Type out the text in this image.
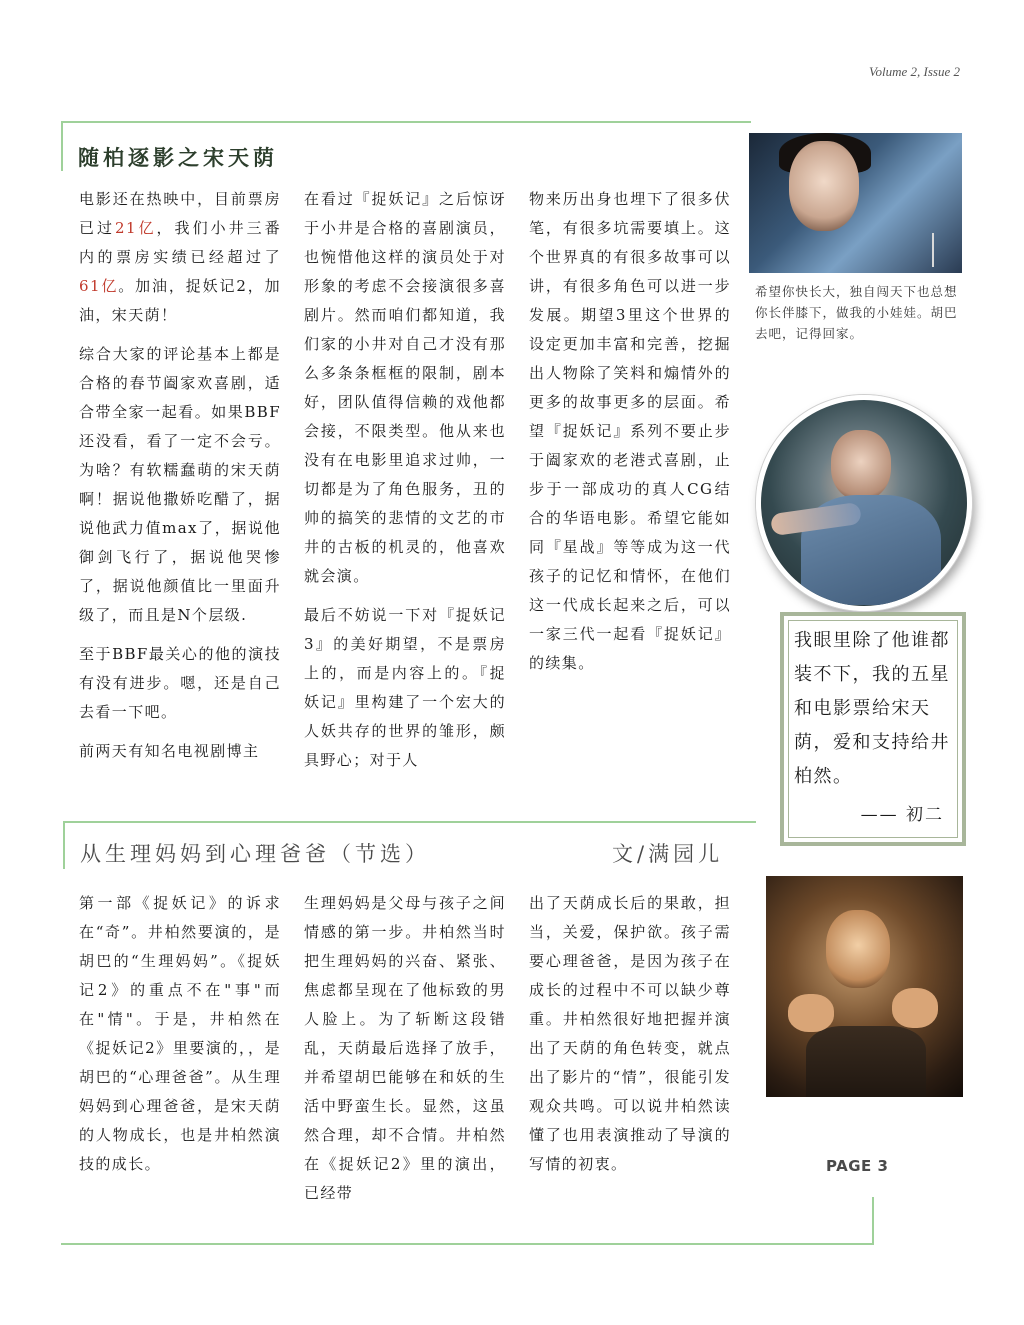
Volume 2, Issue 2
随柏逐影之宋天荫

电影还在热映中，目前票房已过21亿，我们小井三番内的票房实绩已经超过了61亿。加油，捉妖记2，加油，宋天荫！

综合大家的评论基本上都是合格的春节阖家欢喜剧，适合带全家一起看。如果BBF还没看，看了一定不会亏。为啥？有软糯蠢萌的宋天荫啊！据说他撒娇吃醋了，据说他武力值max了，据说他御剑飞行了，据说他哭惨了，据说他颜值比一里面升级了，而且是N个层级.

至于BBF最关心的他的演技有没有进步。嗯，还是自己去看一下吧。

前两天有知名电视剧博主

在看过『捉妖记』之后惊讶于小井是合格的喜剧演员，也惋惜他这样的演员处于对形象的考虑不会接演很多喜剧片。然而咱们都知道，我们家的小井对自己才没有那么多条条框框的限制，剧本好，团队值得信赖的戏他都会接，不限类型。他从来也没有在电影里追求过帅，一切都是为了角色服务，丑的帅的搞笑的悲情的文艺的市井的古板的机灵的，他喜欢就会演。

最后不妨说一下对『捉妖记3』的美好期望，不是票房上的，而是内容上的。『捉妖记』里构建了一个宏大的人妖共存的世界的雏形，颇具野心；对于人

物来历出身也埋下了很多伏笔，有很多坑需要填上。这个世界真的有很多故事可以讲，有很多角色可以进一步发展。期望3里这个世界的设定更加丰富和完善，挖掘出人物除了笑料和煽情外的更多的故事更多的层面。希望『捉妖记』系列不要止步于阖家欢的老港式喜剧，止步于一部成功的真人CG结合的华语电影。希望它能如同『星战』等等成为这一代孩子的记忆和情怀，在他们这一代成长起来之后，可以一家三代一起看『捉妖记』的续集。

希望你快长大，独自闯天下也总想你长伴膝下，做我的小娃娃。胡巴去吧，记得回家。
我眼里除了他谁都装不下，我的五星和电影票给宋天荫，爱和支持给井柏然。
—— 初二
从生理妈妈到心理爸爸（节选）	文/满园儿

第一部《捉妖记》的诉求在“奇”。井柏然要演的，是胡巴的“生理妈妈”。《捉妖记2》的重点不在"事"而在"情"。于是，井柏然在《捉妖记2》里要演的，，是胡巴的“心理爸爸”。从生理妈妈到心理爸爸，是宋天荫的人物成长，也是井柏然演技的成长。

生理妈妈是父母与孩子之间情感的第一步。井柏然当时把生理妈妈的兴奋、紧张、焦虑都呈现在了他标致的男人脸上。为了斩断这段错乱，天荫最后选择了放手，并希望胡巴能够在和妖的生活中野蛮生长。显然，这虽然合理，却不合情。井柏然在《捉妖记2》里的演出，已经带

出了天荫成长后的果敢，担当，关爱，保护欲。孩子需要心理爸爸，是因为孩子在成长的过程中不可以缺少尊重。井柏然很好地把握并演出了天荫的角色转变，就点出了影片的“情”，很能引发观众共鸣。可以说井柏然读懂了也用表演推动了导演的写情的初衷。	PAGE 3
